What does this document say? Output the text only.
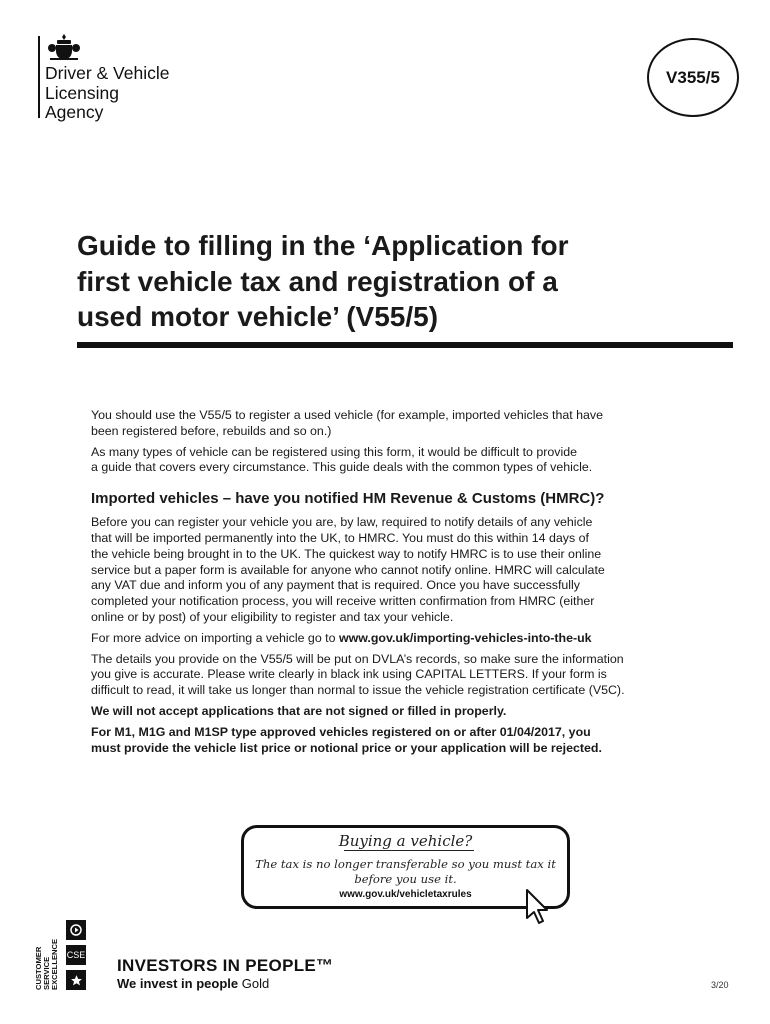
Driver & Vehicle
Licensing
Agency
V355/5
Guide to filling in the ‘Application for
first vehicle tax and registration of a
used motor vehicle’ (V55/5)

You should use the V55/5 to register a used vehicle (for example, imported vehicles that have
been registered before, rebuilds and so on.)

As many types of vehicle can be registered using this form, it would be difficult to provide
a guide that covers every circumstance. This guide deals with the common types of vehicle.

Imported vehicles – have you notified HM Revenue & Customs (HMRC)?

Before you can register your vehicle you are, by law, required to notify details of any vehicle
that will be imported permanently into the UK, to HMRC. You must do this within 14 days of
the vehicle being brought in to the UK. The quickest way to notify HMRC is to use their online
service but a paper form is available for anyone who cannot notify online. HMRC will calculate
any VAT due and inform you of any payment that is required. Once you have successfully
completed your notification process, you will receive written confirmation from HMRC (either
online or by post) of your eligibility to register and tax your vehicle.

For more advice on importing a vehicle go to www.gov.uk/importing-vehicles-into-the-uk

The details you provide on the V55/5 will be put on DVLA’s records, so make sure the information
you give is accurate. Please write clearly in black ink using CAPITAL LETTERS. If your form is
difficult to read, it will take us longer than normal to issue the vehicle registration certificate (V5C).

We will not accept applications that are not signed or filled in properly.

For M1, M1G and M1SP type approved vehicles registered on or after 01/04/2017, you
must provide the vehicle list price or notional price or your application will be rejected.

Buying a vehicle?
The tax is no longer transferable so you must tax it
before you use it.
www.gov.uk/vehicletaxrules
CUSTOMER SERVICE EXCELLENCE CSE
INVESTORS IN PEOPLE™
We invest in people Gold	3/20
